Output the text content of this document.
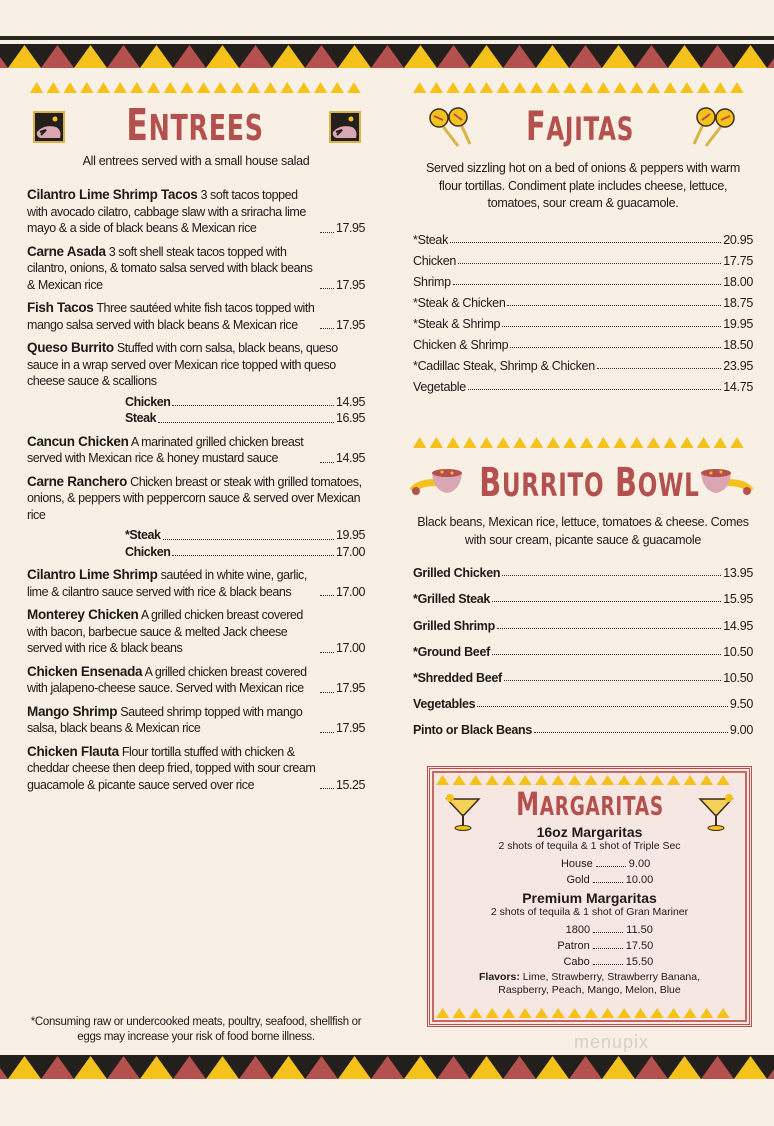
ENTREES
All entrees served with a small house salad
Cilantro Lime Shrimp Tacos 3 soft tacos topped with avocado cilatro, cabbage slaw with a sriracha lime mayo & a side of black beans & Mexican rice	17.95
Carne Asada 3 soft shell steak tacos topped with cilantro, onions, & tomato salsa served with black beans & Mexican rice	17.95
Fish Tacos Three sautéed white fish tacos topped with mango salsa served with black beans & Mexican rice	17.95
Queso Burrito Stuffed with corn salsa, black beans, queso sauce in a wrap served over Mexican rice topped with queso cheese sauce & scallions
Chicken	14.95
Steak	16.95
Cancun Chicken A marinated grilled chicken breast served with Mexican rice & honey mustard sauce	14.95
Carne Ranchero Chicken breast or steak with grilled tomatoes, onions, & peppers with peppercorn sauce & served over Mexican rice
*Steak	19.95
Chicken	17.00
Cilantro Lime Shrimp sautéed in white wine, garlic, lime & cilantro sauce served with rice & black beans	17.00
Monterey Chicken A grilled chicken breast covered with bacon, barbecue sauce & melted Jack cheese served with rice & black beans	17.00
Chicken Ensenada A grilled chicken breast covered with jalapeno-cheese sauce. Served with Mexican rice	17.95
Mango Shrimp Sauteed shrimp topped with mango salsa, black beans & Mexican rice	17.95
Chicken Flauta Flour tortilla stuffed with chicken & cheddar cheese then deep fried, topped with sour cream guacamole & picante sauce served over rice	15.25
*Consuming raw or undercooked meats, poultry, seafood, shellfish or eggs may increase your risk of food borne illness.
FAJITAS
Served sizzling hot on a bed of onions & peppers with warm flour tortillas. Condiment plate includes cheese, lettuce, tomatoes, sour cream & guacamole.
*Steak	20.95
Chicken	17.75
Shrimp	18.00
*Steak & Chicken	18.75
*Steak & Shrimp	19.95
Chicken & Shrimp	18.50
*Cadillac Steak, Shrimp & Chicken	23.95
Vegetable	14.75
BURRITO BOWL
Black beans, Mexican rice, lettuce, tomatoes & cheese. Comes with sour cream, picante sauce & guacamole
Grilled Chicken	13.95
*Grilled Steak	15.95
Grilled Shrimp	14.95
*Ground Beef	10.50
*Shredded Beef	10.50
Vegetables	9.50
Pinto or Black Beans	9.00
MARGARITAS
16oz Margaritas
2 shots of tequila & 1 shot of Triple Sec
House	9.00
Gold	10.00
Premium Margaritas
2 shots of tequila & 1 shot of Gran Mariner
1800	11.50
Patron	17.50
Cabo	15.50
Flavors: Lime, Strawberry, Strawberry Banana, Raspberry, Peach, Mango, Melon, Blue
menupix
